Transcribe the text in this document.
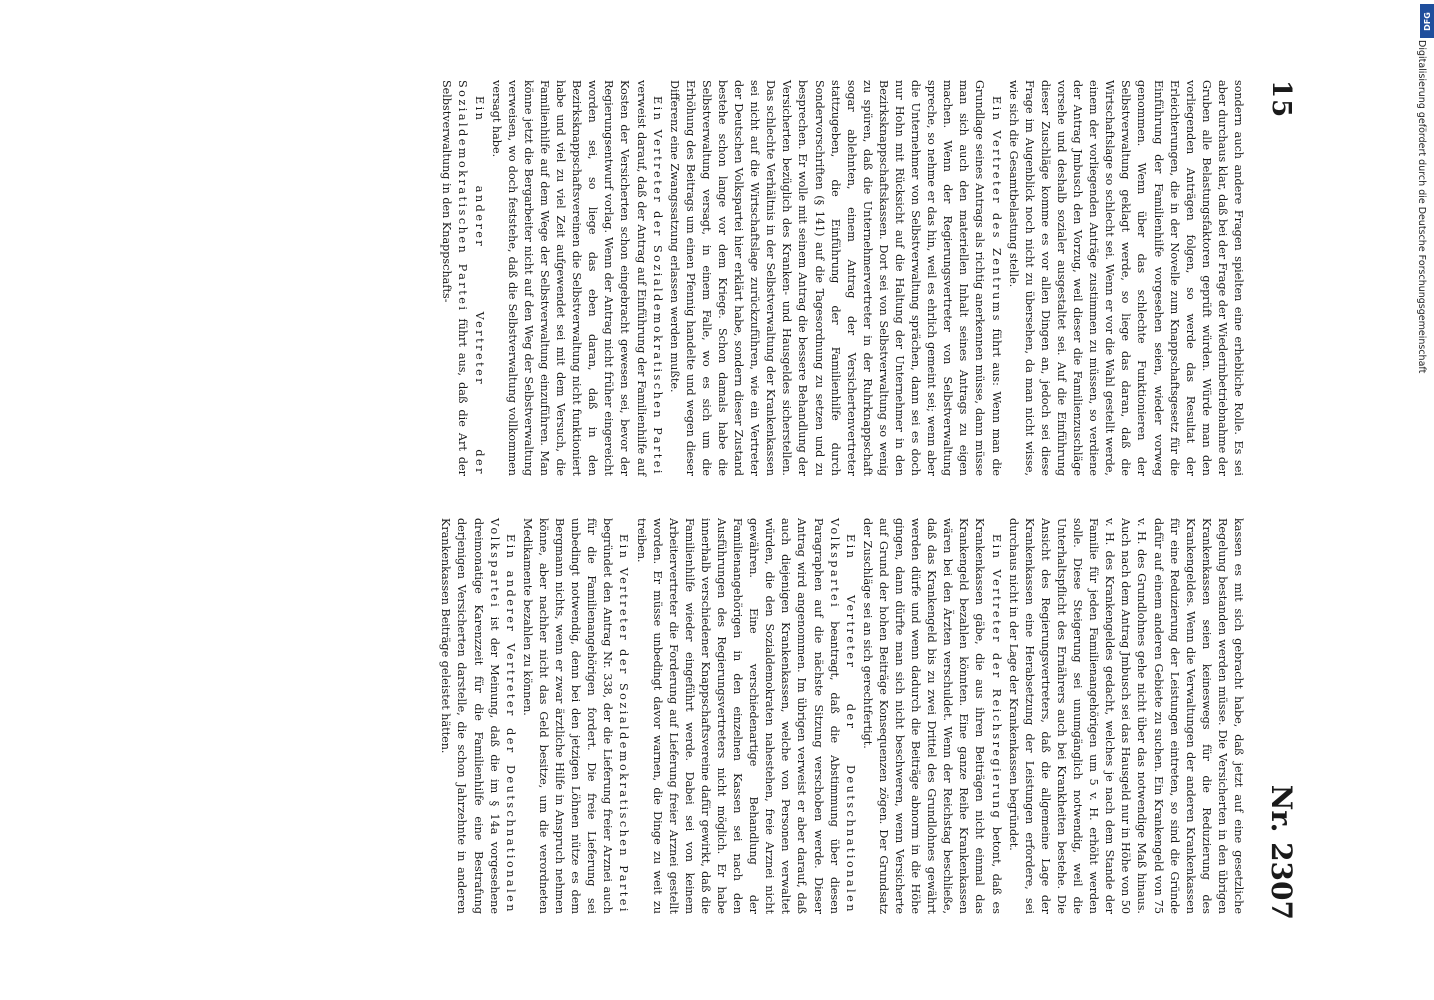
15
Nr. 2307

sondern auch andere Fragen spielten eine erhebliche Rolle. Es sei aber durchaus klar, daß bei der Frage der Wiederinbetriebnahme der Gruben alle Belastungsfaktoren geprüft würden. Würde man den vorliegenden Anträgen folgen, so werde das Resultat der Erleichterungen, die in der Novelle zum Knappschaftsgesetz für die Einführung der Familienhilfe vorgesehen seien, wieder vorweg genommen. Wenn über das schlechte Funktionieren der Selbstverwaltung geklagt werde, so liege das daran, daß die Wirtschaftslage so schlecht sei. Wenn er vor die Wahl gestellt werde, einem der vorliegenden Anträge zustimmen zu müssen, so verdiene der Antrag Jmbusch den Vorzug, weil dieser die Familienzuschläge vorsehe und deshalb sozialer ausgestaltet sei. Auf die Einführung dieser Zuschläge komme es vor allen Dingen an, jedoch sei diese Frage im Augenblick noch nicht zu übersehen, da man nicht wisse, wie sich die Gesamtbelastung stelle.

Ein Vertreter des Zentrums führt aus: Wenn man die Grundlage seines Antrags als richtig anerkennen müsse, dann müsse man sich auch den materiellen Inhalt seines Antrags zu eigen machen. Wenn der Regierungsvertreter von Selbstverwaltung spreche, so nehme er das hin, weil es ehrlich gemeint sei; wenn aber die Unternehmer von Selbstverwaltung sprächen, dann sei es doch nur Hohn mit Rücksicht auf die Haltung der Unternehmer in den Bezirksknappschaftskassen. Dort sei von Selbstverwaltung so wenig zu spüren, daß die Unternehmervertreter in der Ruhrknappschaft sogar ablehnten, einem Antrag der Versichertenvertreter stattzugeben, die Einführung der Familienhilfe durch Sondervorschriften (§ 141) auf die Tagesordnung zu setzen und zu besprechen. Er wolle mit seinem Antrag die bessere Behandlung der Versicherten bezüglich des Kranken- und Hausgeldes sicherstellen. Das schlechte Verhältnis in der Selbstverwaltung der Krankenkassen sei nicht auf die Wirtschaftslage zurückzuführen, wie ein Vertreter der Deutschen Volkspartei hier erklärt habe, sondern dieser Zustand bestehe schon lange vor dem Kriege. Schon damals habe die Selbstverwaltung versagt, in einem Falle, wo es sich um die Erhöhung des Beitrags um einen Pfennig handelte und wegen dieser Differenz eine Zwangssatzung erlassen werden mußte.

Ein Vertreter der Sozialdemokratischen Partei verweist darauf, daß der Antrag auf Einführung der Familienhilfe auf Kosten der Versicherten schon eingebracht gewesen sei, bevor der Regierungsentwurf vorlag. Wenn der Antrag nicht früher eingereicht worden sei, so liege das eben daran, daß in den Bezirksknappschaftsvereinen die Selbstverwaltung nicht funktioniert habe und viel zu viel Zeit aufgewendet sei mit dem Versuch, die Familienhilfe auf dem Wege der Selbstverwaltung einzuführen. Man könne jetzt die Bergarbeiter nicht auf den Weg der Selbstverwaltung verweisen, wo doch feststehe, daß die Selbstverwaltung vollkommen versagt habe.

Ein anderer Vertreter der Sozialdemokratischen Partei führt aus, daß die Art der Selbstverwaltung in den Knappschafts-

kassen es mit sich gebracht habe, daß jetzt auf eine gesetzliche Regelung bestanden werden müsse. Die Versicherten in den übrigen Krankenkassen seien keineswegs für die Reduzierung des Krankengeldes. Wenn die Verwaltungen der anderen Krankenkassen für eine Reduzierung der Leistungen eintreten, so sind die Gründe dafür auf einem anderen Gebiete zu suchen. Ein Krankengeld von 75 v. H. des Grundlohnes gehe nicht über das notwendige Maß hinaus. Auch nach dem Antrag Jmbusch sei das Hausgeld nur in Höhe von 50 v. H. des Krankengeldes gedacht, welches je nach dem Stande der Familie für jeden Familienangehörigen um 5 v. H. erhöht werden solle. Diese Steigerung sei unumgänglich notwendig, weil die Unterhaltspflicht des Ernährers auch bei Krankheiten bestehe. Die Ansicht des Regierungsvertreters, daß die allgemeine Lage der Krankenkassen eine Herabsetzung der Leistungen erfordere, sei durchaus nicht in der Lage der Krankenkassen begründet.

Ein Vertreter der Reichsregierung betont, daß es Krankenkassen gäbe, die aus ihren Beiträgen nicht einmal das Krankengeld bezahlen könnten. Eine ganze Reihe Krankenkassen wären bei den Ärzten verschuldet. Wenn der Reichstag beschließe, daß das Krankengeld bis zu zwei Drittel des Grundlohnes gewährt werden dürfe und wenn dadurch die Beiträge abnorm in die Höhe gingen, dann dürfte man sich nicht beschweren, wenn Versicherte auf Grund der hohen Beiträge Konsequenzen zögen. Der Grundsatz der Zuschläge sei an sich gerechtfertigt.

Ein Vertreter der Deutschnationalen Volkspartei beantragt, daß die Abstimmung über diesen Paragraphen auf die nächste Sitzung verschoben werde. Dieser Antrag wird angenommen. Im übrigen verweist er aber darauf, daß auch diejenigen Krankenkassen, welche von Personen verwaltet würden, die den Sozialdemokraten nahestehen, freie Arznei nicht gewähren. Eine verschiedenartige Behandlung der Familienangehörigen in den einzelnen Kassen sei nach den Ausführungen des Regierungsvertreters nicht möglich. Er habe innerhalb verschiedener Knappschaftsvereine dafür gewirkt, daß die Familienhilfe wieder eingeführt werde. Dabei sei von keinem Arbeitervertreter die Forderung auf Lieferung freier Arznei gestellt worden. Er müsse unbedingt davor warnen, die Dinge zu weit zu treiben.

Ein Vertreter der Sozialdemokratischen Partei begründet den Antrag Nr. 338, der die Lieferung freier Arznei auch für die Familienangehörigen fordert. Die freie Lieferung sei unbedingt notwendig, denn bei den jetzigen Löhnen nütze es dem Bergmann nichts, wenn er zwar ärztliche Hilfe in Anspruch nehmen könne, aber nachher nicht das Geld besitze, um die verordneten Medikamente bezahlen zu können.

Ein anderer Vertreter der Deutschnationalen Volkspartei ist der Meinung, daß die im § 14a vorgesehene dreimonatige Karenzzeit für die Familienhilfe eine Bestrafung derjenigen Versicherten darstelle, die schon Jahrzehnte in anderen Krankenkassen Beiträge geleistet hätten.

DFG
Digitalisierung gefördert durch die Deutsche Forschungsgemeinschaft
